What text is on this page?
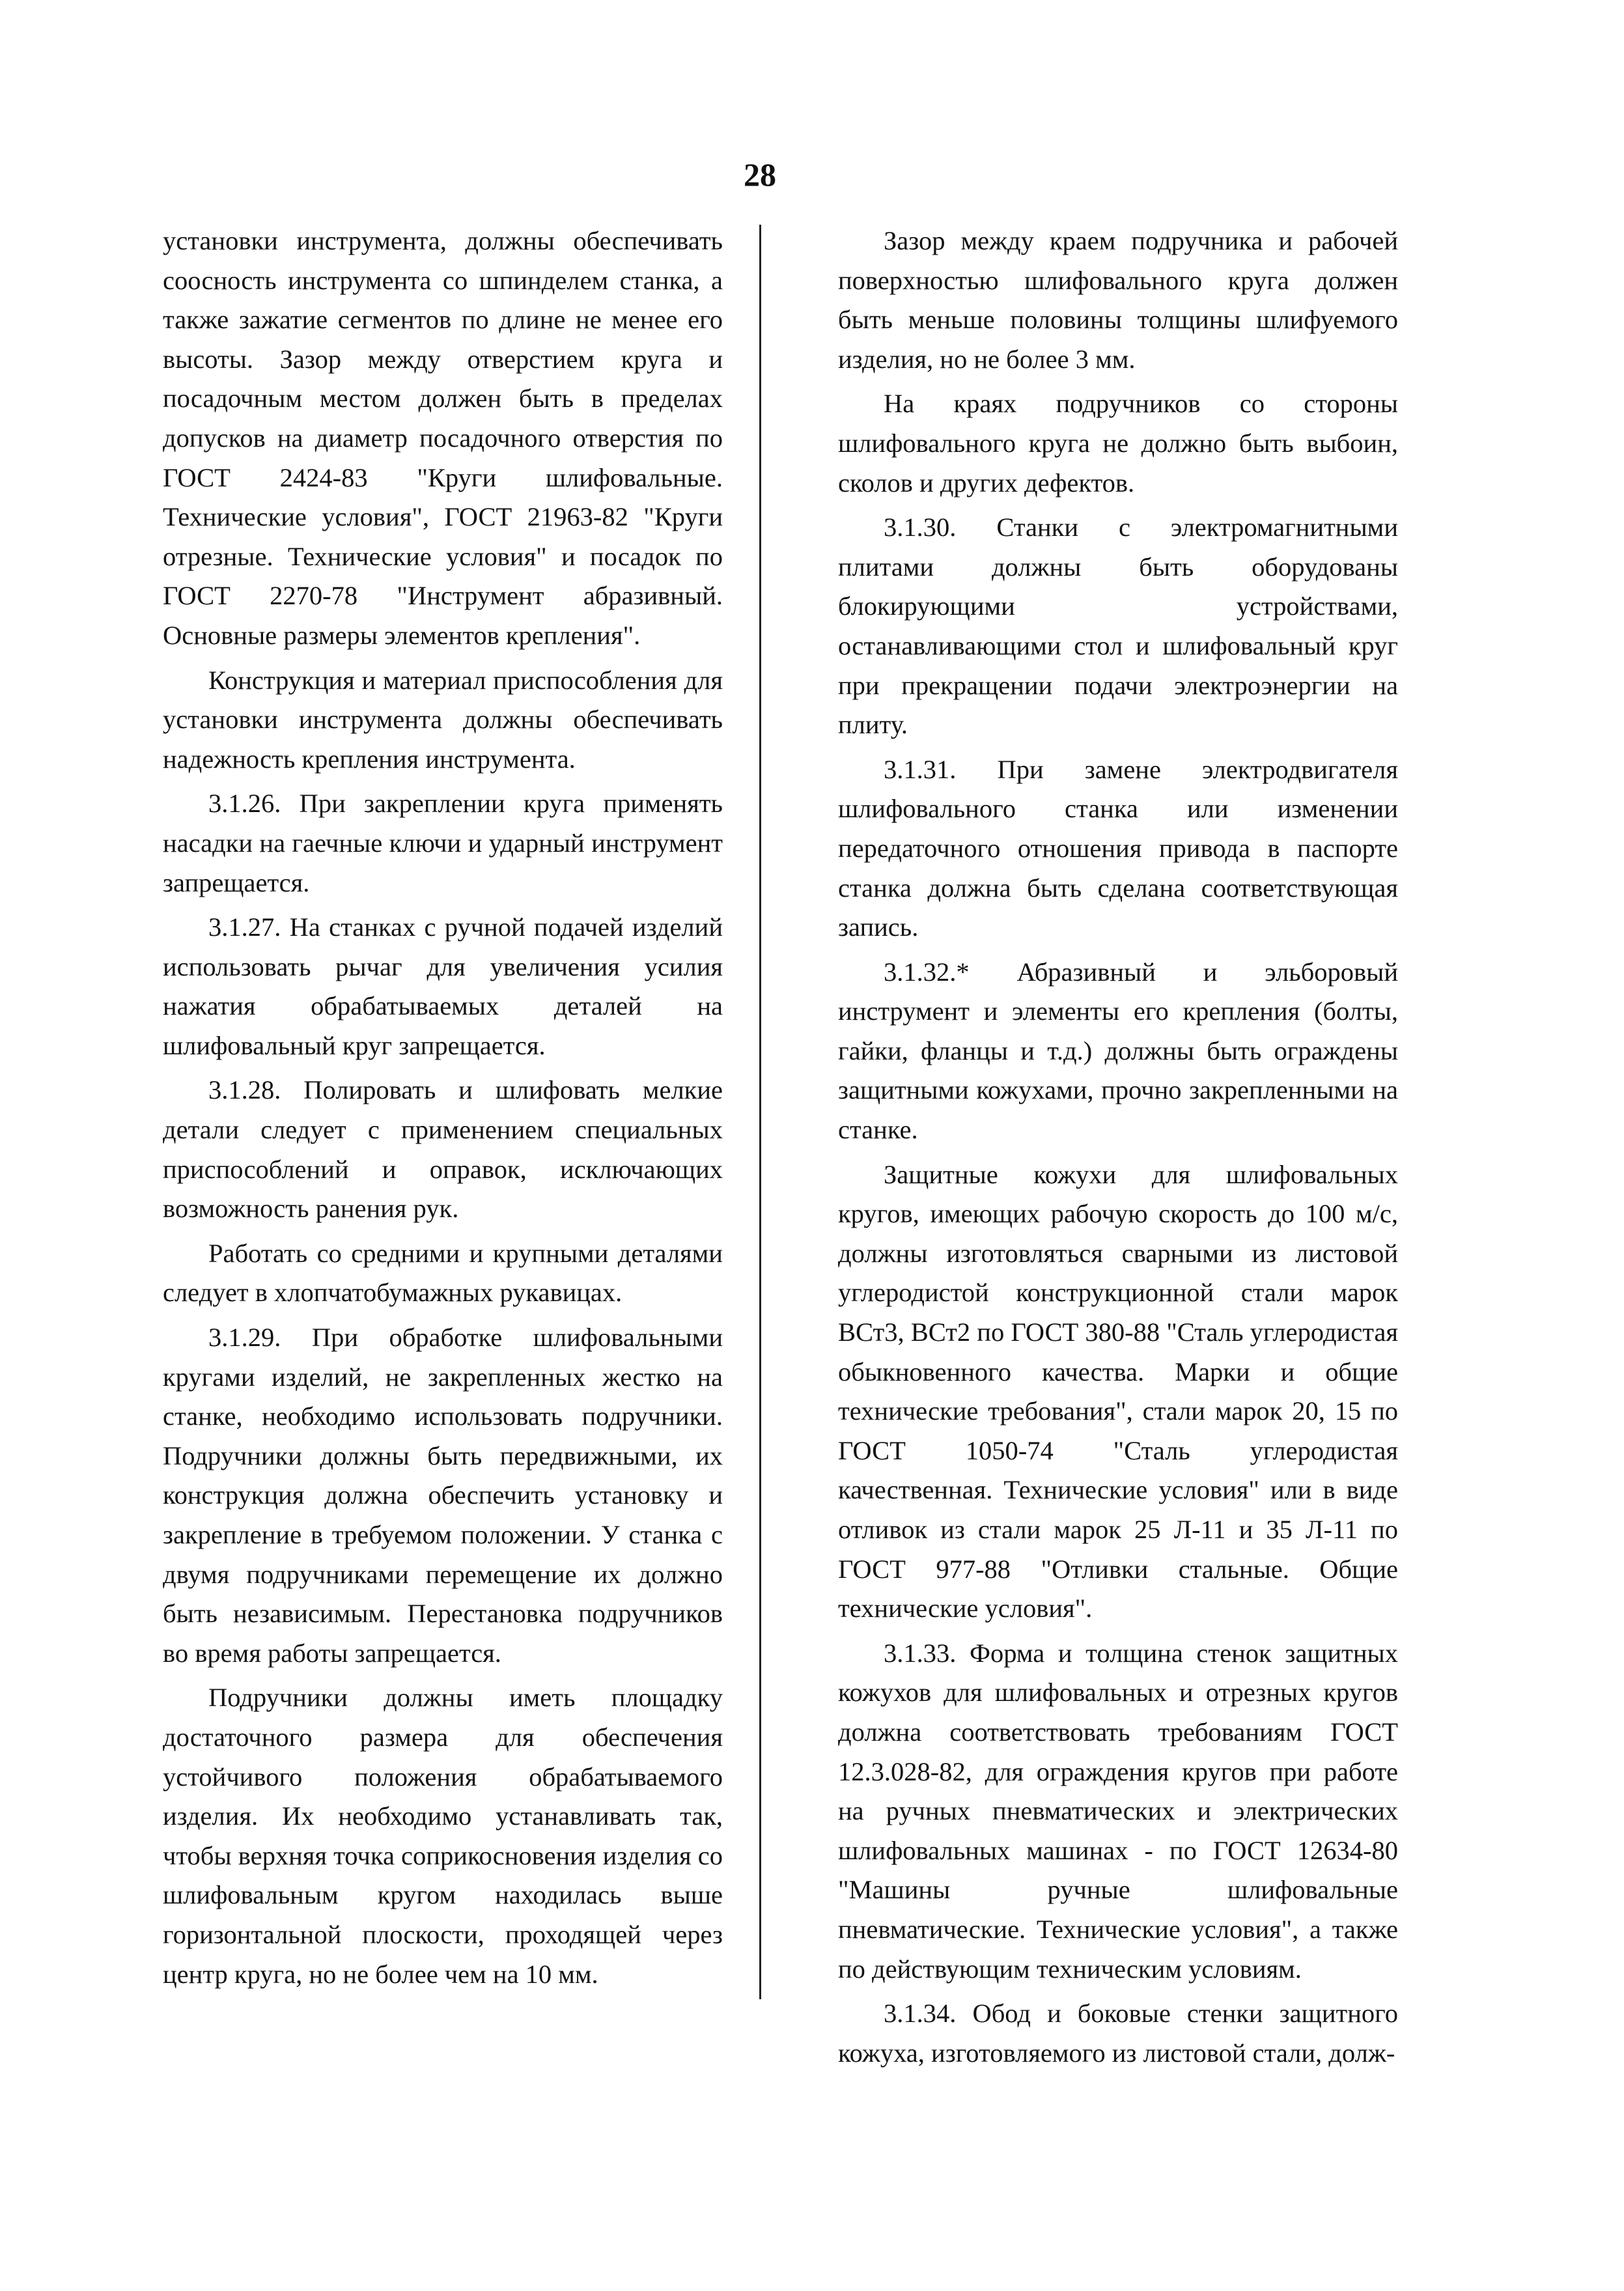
28

установки инструмента, должны обеспечивать соосность инструмента со шпинделем станка, а также зажатие сегментов по длине не менее его высоты. Зазор между отверстием круга и посадочным местом должен быть в пределах допусков на диаметр посадочного отверстия по ГОСТ 2424-83 "Круги шлифовальные. Технические условия", ГОСТ 21963-82 "Круги отрезные. Технические условия" и посадок по ГОСТ 2270-78 "Инструмент абразивный. Основные размеры элементов крепления".

Конструкция и материал приспособления для установки инструмента должны обеспечивать надежность крепления инструмента.

3.1.26. При закреплении круга применять насадки на гаечные ключи и ударный инструмент запрещается.

3.1.27. На станках с ручной подачей изделий использовать рычаг для увеличения усилия нажатия обрабатываемых деталей на шлифовальный круг запрещается.

3.1.28. Полировать и шлифовать мелкие детали следует с применением специальных приспособлений и оправок, исключающих возможность ранения рук.

Работать со средними и крупными деталями следует в хлопчатобумажных рукавицах.

3.1.29. При обработке шлифовальными кругами изделий, не закрепленных жестко на станке, необходимо использовать подручники. Подручники должны быть передвижными, их конструкция должна обеспечить установку и закрепление в требуемом положении. У станка с двумя подручниками перемещение их должно быть независимым. Перестановка подручников во время работы запрещается.

Подручники должны иметь площадку достаточного размера для обеспечения устойчивого положения обрабатываемого изделия. Их необходимо устанавливать так, чтобы верхняя точка соприкосновения изделия со шлифовальным кругом находилась выше горизонтальной плоскости, проходящей через центр круга, но не более чем на 10 мм.

Зазор между краем подручника и рабочей поверхностью шлифовального круга должен быть меньше половины толщины шлифуемого изделия, но не более 3 мм.

На краях подручников со стороны шлифовального круга не должно быть выбоин, сколов и других дефектов.

3.1.30. Станки с электромагнитными плитами должны быть оборудованы блокирующими устройствами, останавливающими стол и шлифовальный круг при прекращении подачи электроэнергии на плиту.

3.1.31. При замене электродвигателя шлифовального станка или изменении передаточного отношения привода в паспорте станка должна быть сделана соответствующая запись.

3.1.32.* Абразивный и эльборовый инструмент и элементы его крепления (болты, гайки, фланцы и т.д.) должны быть ограждены защитными кожухами, прочно закрепленными на станке.

Защитные кожухи для шлифовальных кругов, имеющих рабочую скорость до 100 м/с, должны изготовляться сварными из листовой углеродистой конструкционной стали марок ВСт3, ВСт2 по ГОСТ 380-88 "Сталь углеродистая обыкновенного качества. Марки и общие технические требования", стали марок 20, 15 по ГОСТ 1050-74 "Сталь углеродистая качественная. Технические условия" или в виде отливок из стали марок 25 Л-11 и 35 Л-11 по ГОСТ 977-88 "Отливки стальные. Общие технические условия".

3.1.33. Форма и толщина стенок защитных кожухов для шлифовальных и отрезных кругов должна соответствовать требованиям ГОСТ 12.3.028-82, для ограждения кругов при работе на ручных пневматических и электрических шлифовальных машинах - по ГОСТ 12634-80 "Машины ручные шлифовальные пневматические. Технические условия", а также по действующим техническим условиям.

3.1.34. Обод и боковые стенки защитного кожуха, изготовляемого из листовой стали, долж-
